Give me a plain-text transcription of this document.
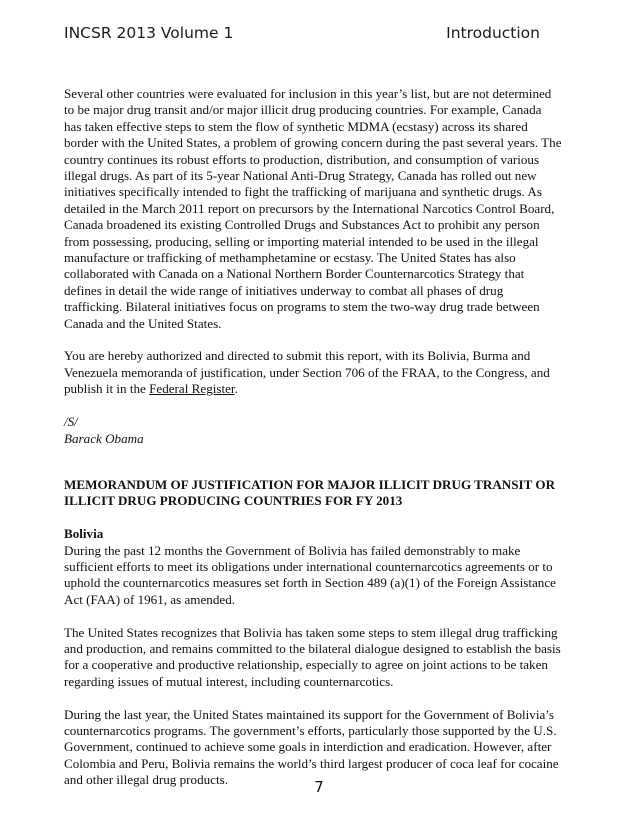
INCSR 2013 Volume 1	Introduction

Several other countries were evaluated for inclusion in this year’s list, but are not determined to be major drug transit and/or major illicit drug producing countries. For example, Canada has taken effective steps to stem the flow of synthetic MDMA (ecstasy) across its shared border with the United States, a problem of growing concern during the past several years. The country continues its robust efforts to production, distribution, and consumption of various illegal drugs. As part of its 5-year National Anti-Drug Strategy, Canada has rolled out new initiatives specifically intended to fight the trafficking of marijuana and synthetic drugs. As detailed in the March 2011 report on precursors by the International Narcotics Control Board, Canada broadened its existing Controlled Drugs and Substances Act to prohibit any person from possessing, producing, selling or importing material intended to be used in the illegal manufacture or trafficking of methamphetamine or ecstasy. The United States has also collaborated with Canada on a National Northern Border Counternarcotics Strategy that defines in detail the wide range of initiatives underway to combat all phases of drug trafficking. Bilateral initiatives focus on programs to stem the two-way drug trade between Canada and the United States.

You are hereby authorized and directed to submit this report, with its Bolivia, Burma and Venezuela memoranda of justification, under Section 706 of the FRAA, to the Congress, and publish it in the Federal Register.

/S/
Barack Obama

MEMORANDUM OF JUSTIFICATION FOR MAJOR ILLICIT DRUG TRANSIT OR ILLICIT DRUG PRODUCING COUNTRIES FOR FY 2013

Bolivia

During the past 12 months the Government of Bolivia has failed demonstrably to make sufficient efforts to meet its obligations under international counternarcotics agreements or to uphold the counternarcotics measures set forth in Section 489 (a)(1) of the Foreign Assistance Act (FAA) of 1961, as amended.

The United States recognizes that Bolivia has taken some steps to stem illegal drug trafficking and production, and remains committed to the bilateral dialogue designed to establish the basis for a cooperative and productive relationship, especially to agree on joint actions to be taken regarding issues of mutual interest, including counternarcotics.

During the last year, the United States maintained its support for the Government of Bolivia’s counternarcotics programs. The government’s efforts, particularly those supported by the U.S. Government, continued to achieve some goals in interdiction and eradication. However, after Colombia and Peru, Bolivia remains the world’s third largest producer of coca leaf for cocaine and other illegal drug products.	7
